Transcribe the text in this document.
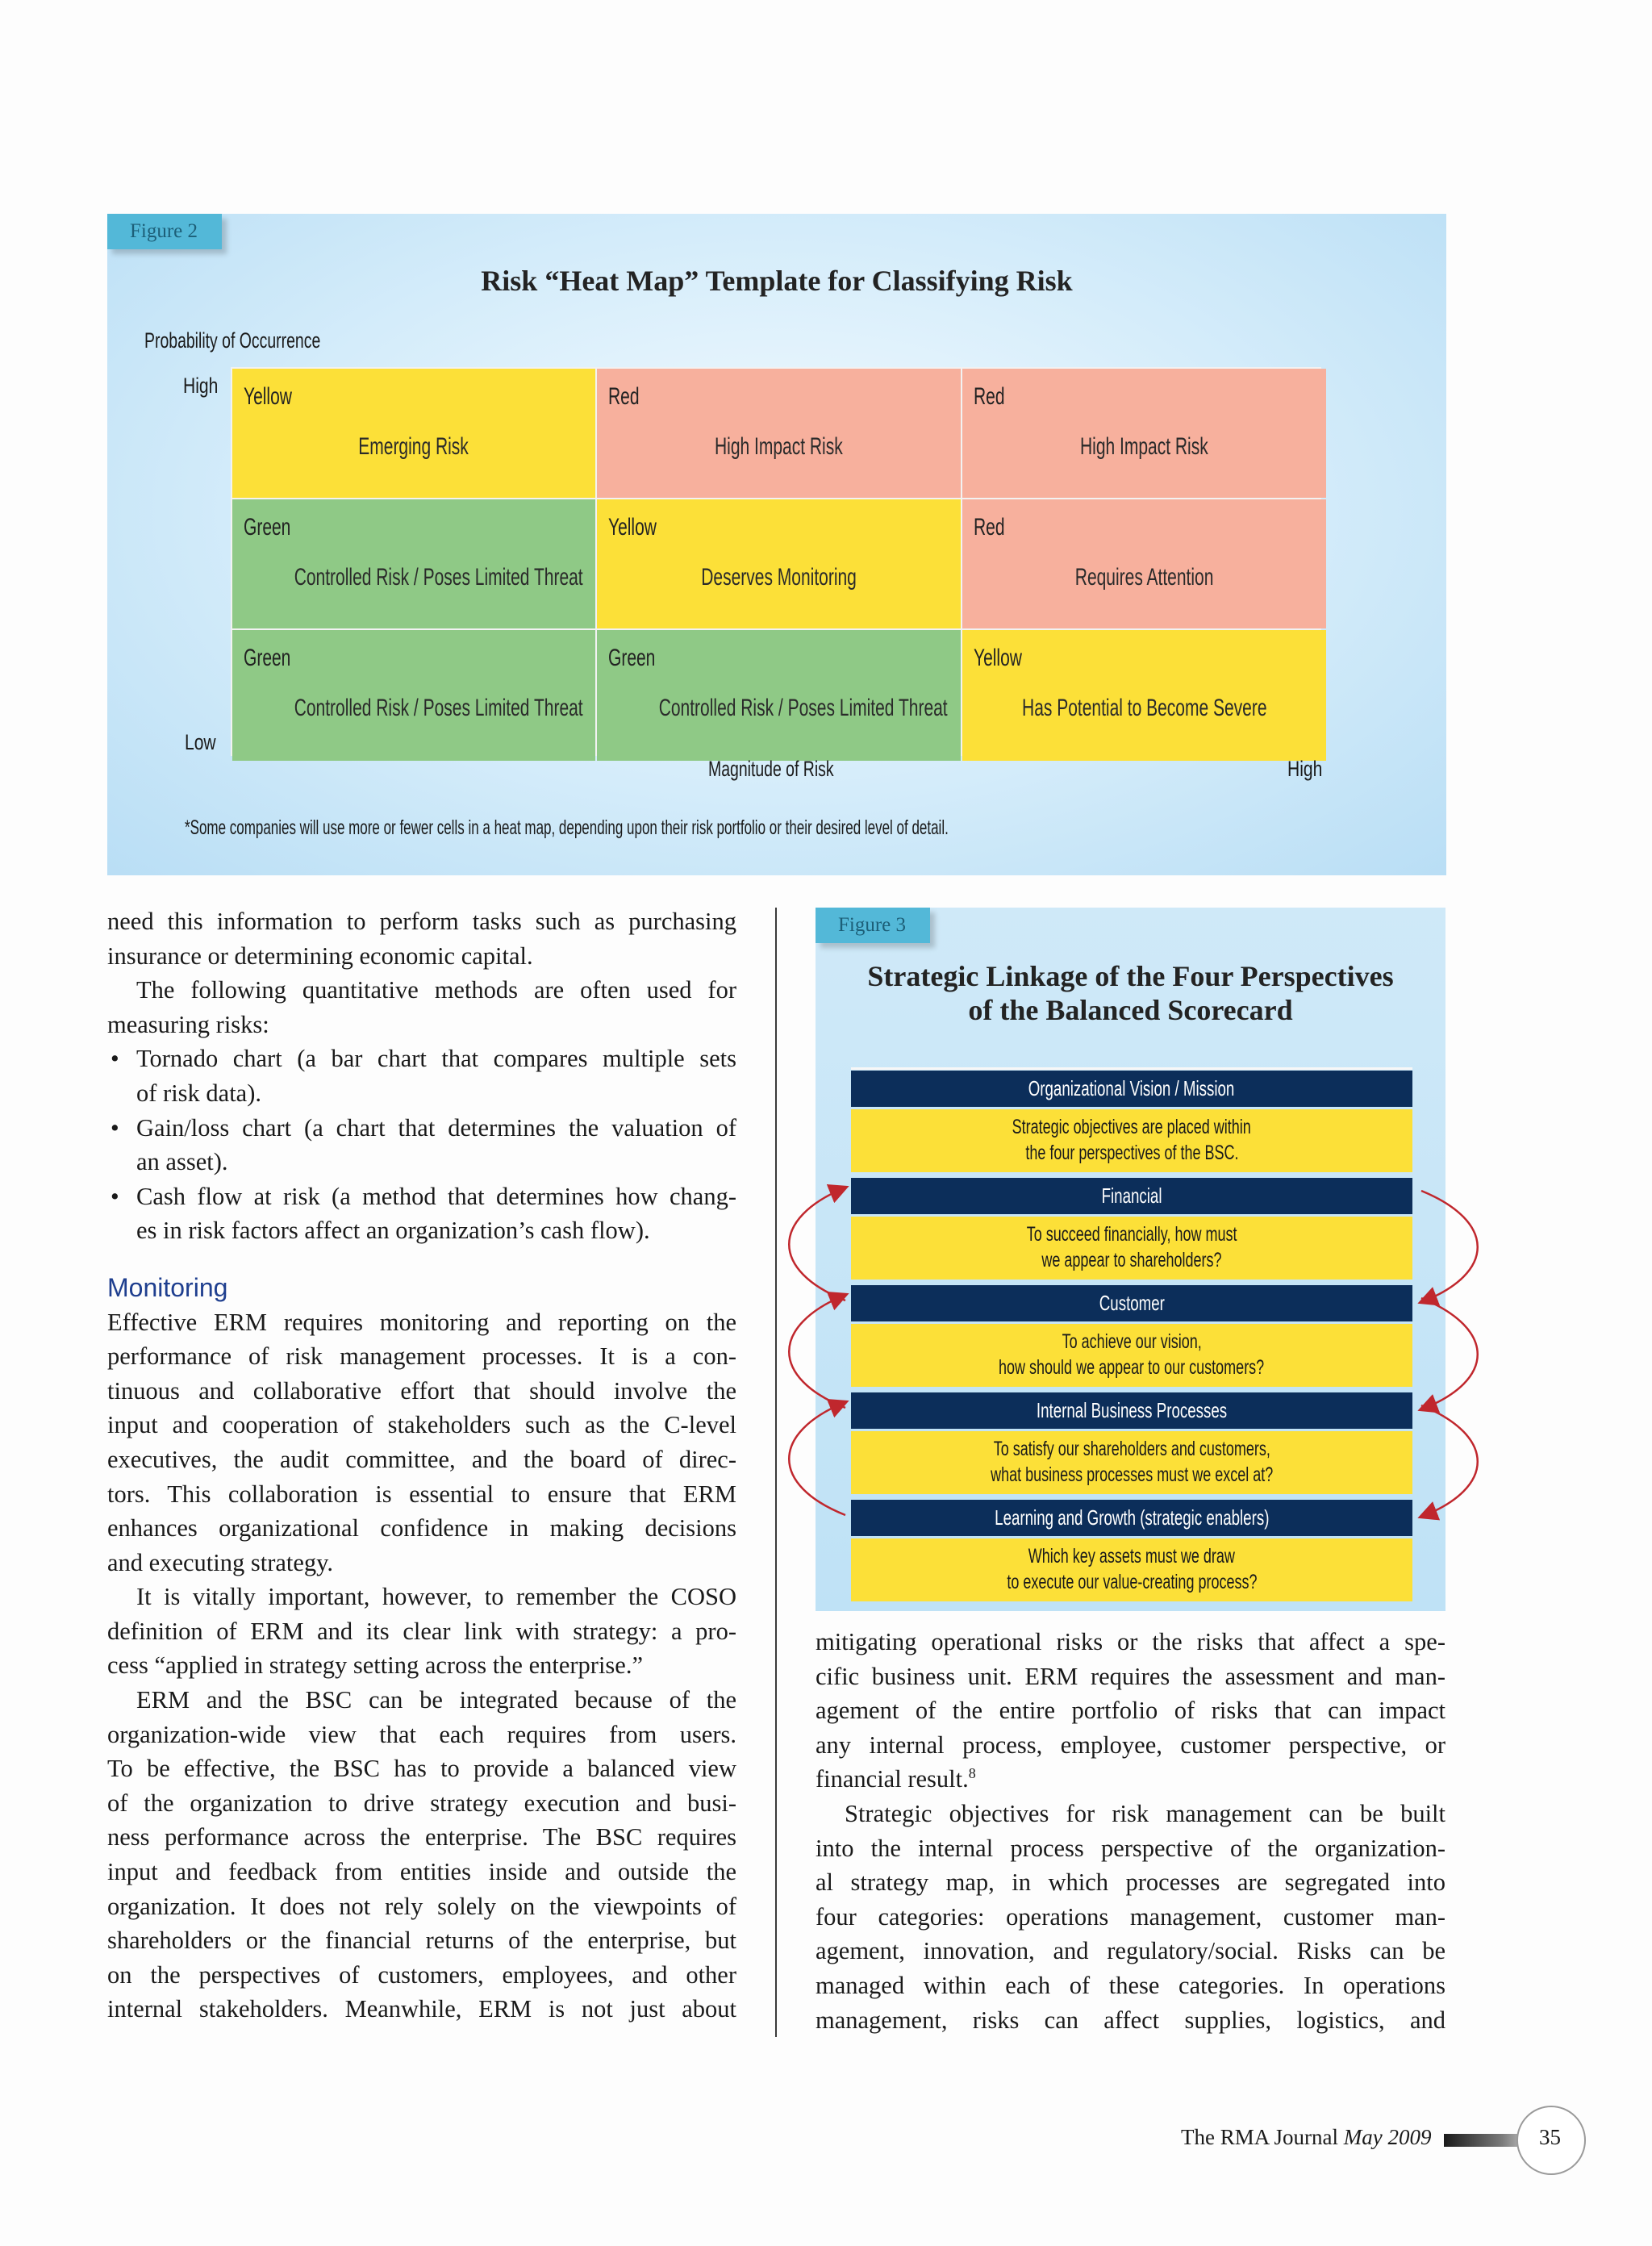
Figure 2
Risk “Heat Map” Template for Classifying Risk
Probability of Occurrence
High
Low
Yellow
Emerging Risk
Red
High Impact Risk
Red
High Impact Risk
Green
Controlled Risk / Poses Limited Threat
Yellow
Deserves Monitoring
Red
Requires Attention
Green
Controlled Risk / Poses Limited Threat
Green
Controlled Risk / Poses Limited Threat
Yellow
Has Potential to Become Severe
Magnitude of Risk	High
*Some companies will use more or fewer cells in a heat map, depending upon their risk portfolio or their desired level of detail.

need this information to perform tasks such as purchasing

insurance or determining economic capital.

The following quantitative methods are often used for

measuring risks:

• Tornado chart (a bar chart that compares multiple sets

of risk data).

• Gain/loss chart (a chart that determines the valuation of

an asset).

• Cash flow at risk (a method that determines how chang-

es in risk factors affect an organization’s cash flow).

Monitoring

Effective ERM requires monitoring and reporting on the

performance of risk management processes. It is a con-

tinuous and collaborative effort that should involve the

input and cooperation of stakeholders such as the C-level

executives, the audit committee, and the board of direc-

tors. This collaboration is essential to ensure that ERM

enhances organizational confidence in making decisions

and executing strategy.

It is vitally important, however, to remember the COSO

definition of ERM and its clear link with strategy: a pro-

cess “applied in strategy setting across the enterprise.”

ERM and the BSC can be integrated because of the

organization-wide view that each requires from users.

To be effective, the BSC has to provide a balanced view

of the organization to drive strategy execution and busi-

ness performance across the enterprise. The BSC requires

input and feedback from entities inside and outside the

organization. It does not rely solely on the viewpoints of

shareholders or the financial returns of the enterprise, but

on the perspectives of customers, employees, and other

internal stakeholders. Meanwhile, ERM is not just about

Figure 3
Strategic Linkage of the Four Perspectives
of the Balanced Scorecard
Organizational Vision / Mission
Strategic objectives are placed within
the four perspectives of the BSC.
Financial
To succeed financially, how must
we appear to shareholders?
Customer
To achieve our vision,
how should we appear to our customers?
Internal Business Processes
To satisfy our shareholders and customers,
what business processes must we excel at?
Learning and Growth (strategic enablers)
Which key assets must we draw
to execute our value-creating process?

mitigating operational risks or the risks that affect a spe-

cific business unit. ERM requires the assessment and man-

agement of the entire portfolio of risks that can impact

any internal process, employee, customer perspective, or

financial result.$^8$

Strategic objectives for risk management can be built

into the internal process perspective of the organization-

al strategy map, in which processes are segregated into

four categories: operations management, customer man-

agement, innovation, and regulatory/social. Risks can be

managed within each of these categories. In operations

management, risks can affect supplies, logistics, and

The RMA Journal May 2009	35
